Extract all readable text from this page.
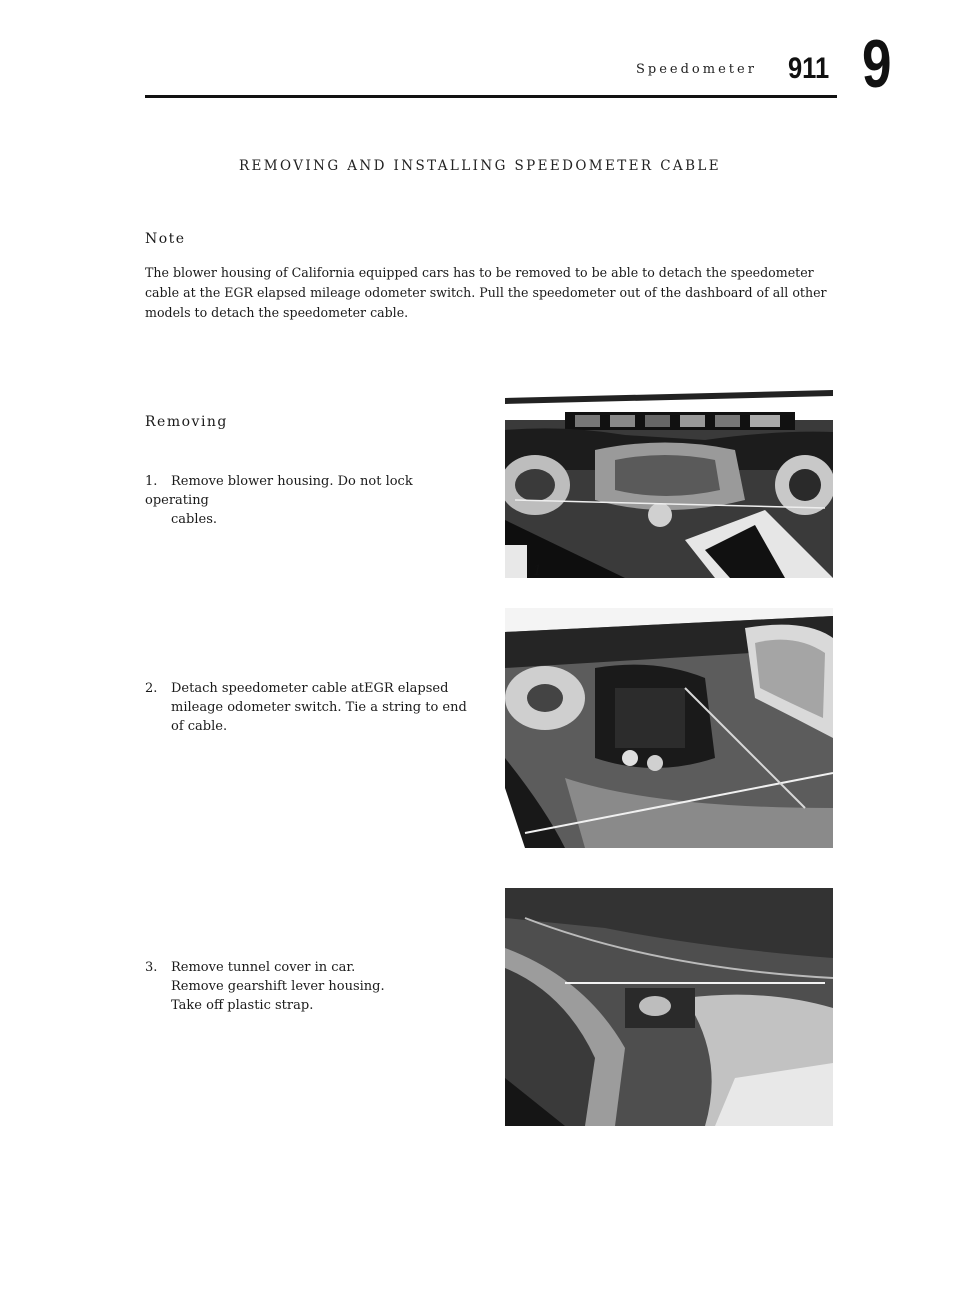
Speedometer 911 9
REMOVING AND INSTALLING SPEEDOMETER CABLE
Note
The blower housing of California equipped cars has to be removed to be able to detach the speedometer cable at the EGR elapsed mileage odometer switch. Pull the speedometer out of the dashboard of all other models to detach the speedometer cable.
Removing
1. Remove blower housing. Do not lock operating
cables.
2. Detach speedometer cable atEGR elapsed
mileage odometer switch. Tie a string to end
of cable.
3. Remove tunnel cover in car.
Remove gearshift lever housing.
Take off plastic strap.
1
